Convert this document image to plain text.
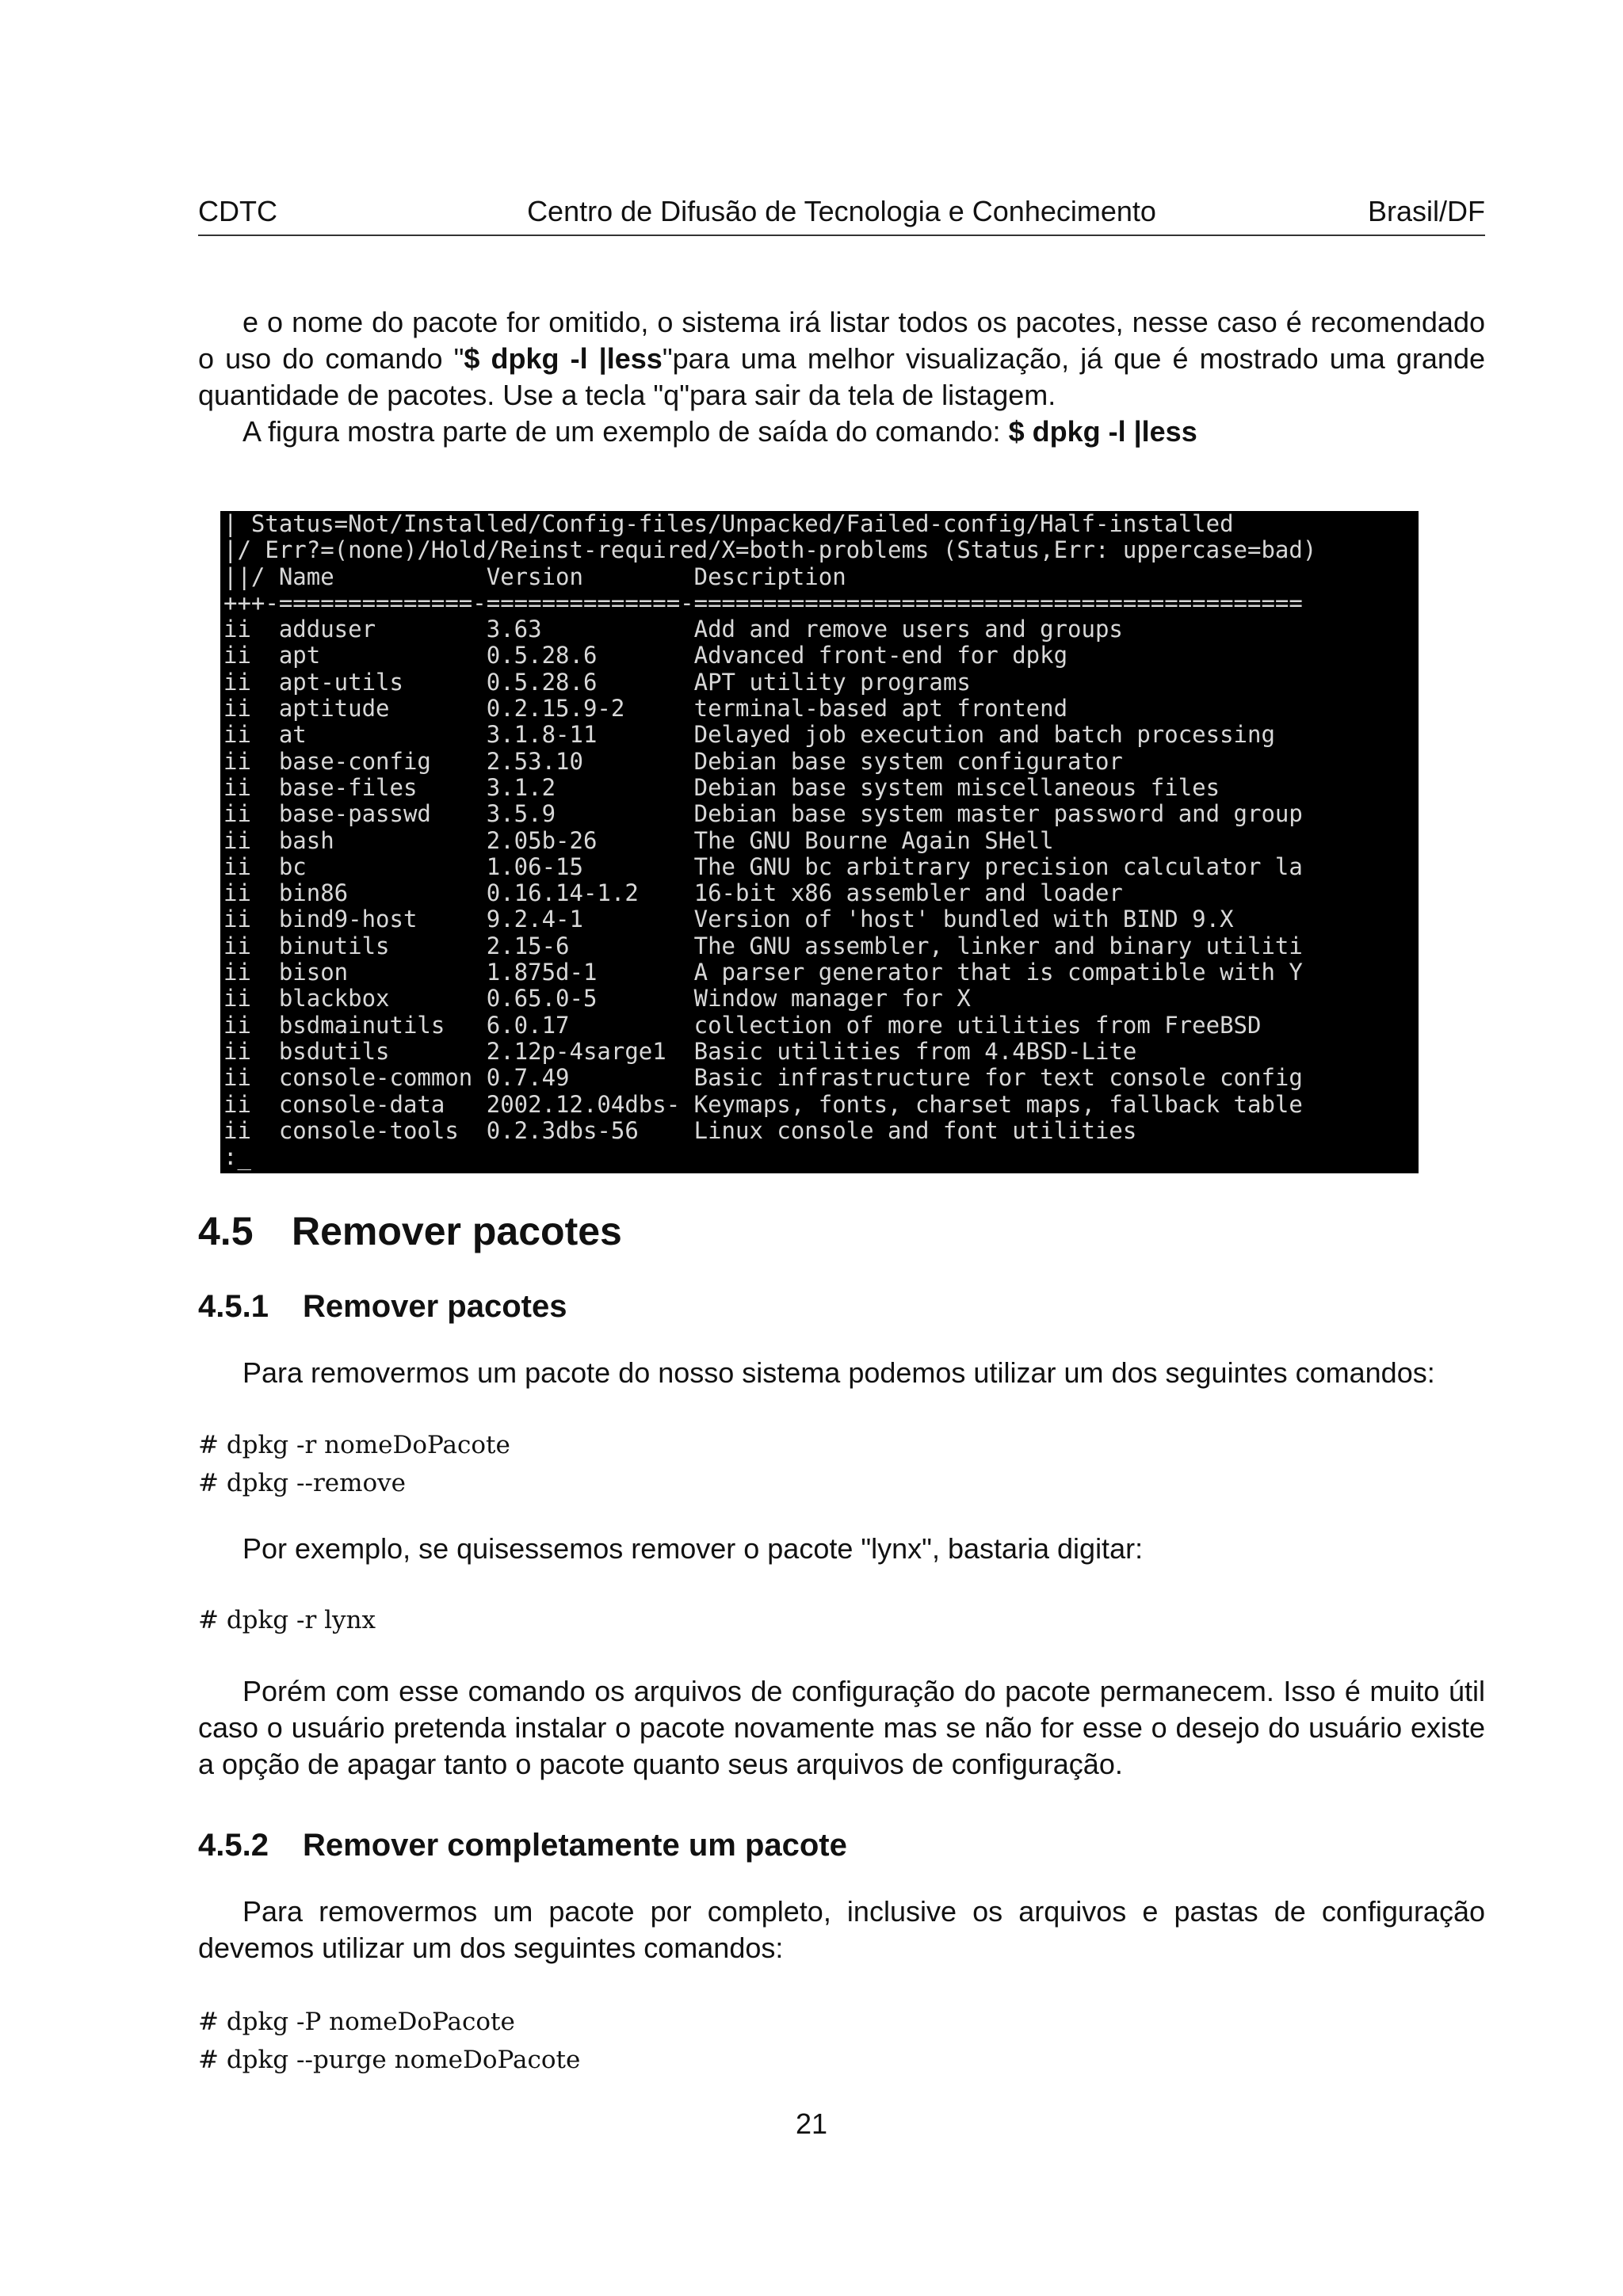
CDTC	Centro de Difusão de Tecnologia e Conhecimento	Brasil/DF
e o nome do pacote for omitido, o sistema irá listar todos os pacotes, nesse caso é recomendado o uso do comando "$ dpkg -l |less"para uma melhor visualização, já que é mostrado uma grande quantidade de pacotes. Use a tecla "q"para sair da tela de listagem.
A figura mostra parte de um exemplo de saída do comando: $ dpkg -l |less
| Status=Not/Installed/Config-files/Unpacked/Failed-config/Half-installed
|/ Err?=(none)/Hold/Reinst-required/X=both-problems (Status,Err: uppercase=bad)
||/ Name           Version        Description
+++-==============-==============-============================================
ii  adduser        3.63           Add and remove users and groups
ii  apt            0.5.28.6       Advanced front-end for dpkg
ii  apt-utils      0.5.28.6       APT utility programs
ii  aptitude       0.2.15.9-2     terminal-based apt frontend
ii  at             3.1.8-11       Delayed job execution and batch processing
ii  base-config    2.53.10        Debian base system configurator
ii  base-files     3.1.2          Debian base system miscellaneous files
ii  base-passwd    3.5.9          Debian base system master password and group
ii  bash           2.05b-26       The GNU Bourne Again SHell
ii  bc             1.06-15        The GNU bc arbitrary precision calculator la
ii  bin86          0.16.14-1.2    16-bit x86 assembler and loader
ii  bind9-host     9.2.4-1        Version of 'host' bundled with BIND 9.X
ii  binutils       2.15-6         The GNU assembler, linker and binary utiliti
ii  bison          1.875d-1       A parser generator that is compatible with Y
ii  blackbox       0.65.0-5       Window manager for X
ii  bsdmainutils   6.0.17         collection of more utilities from FreeBSD
ii  bsdutils       2.12p-4sarge1  Basic utilities from 4.4BSD-Lite
ii  console-common 0.7.49         Basic infrastructure for text console config
ii  console-data   2002.12.04dbs- Keymaps, fonts, charset maps, fallback table
ii  console-tools  0.2.3dbs-56    Linux console and font utilities
:_
4.5 Remover pacotes
4.5.1 Remover pacotes
Para removermos um pacote do nosso sistema podemos utilizar um dos seguintes comandos:
# dpkg -r nomeDoPacote
# dpkg --remove
Por exemplo, se quisessemos remover o pacote "lynx", bastaria digitar:
# dpkg -r lynx
Porém com esse comando os arquivos de configuração do pacote permanecem. Isso é muito útil caso o usuário pretenda instalar o pacote novamente mas se não for esse o desejo do usuário existe a opção de apagar tanto o pacote quanto seus arquivos de configuração.
4.5.2 Remover completamente um pacote
Para removermos um pacote por completo, inclusive os arquivos e pastas de configuração devemos utilizar um dos seguintes comandos:
# dpkg -P nomeDoPacote
# dpkg --purge nomeDoPacote
21
